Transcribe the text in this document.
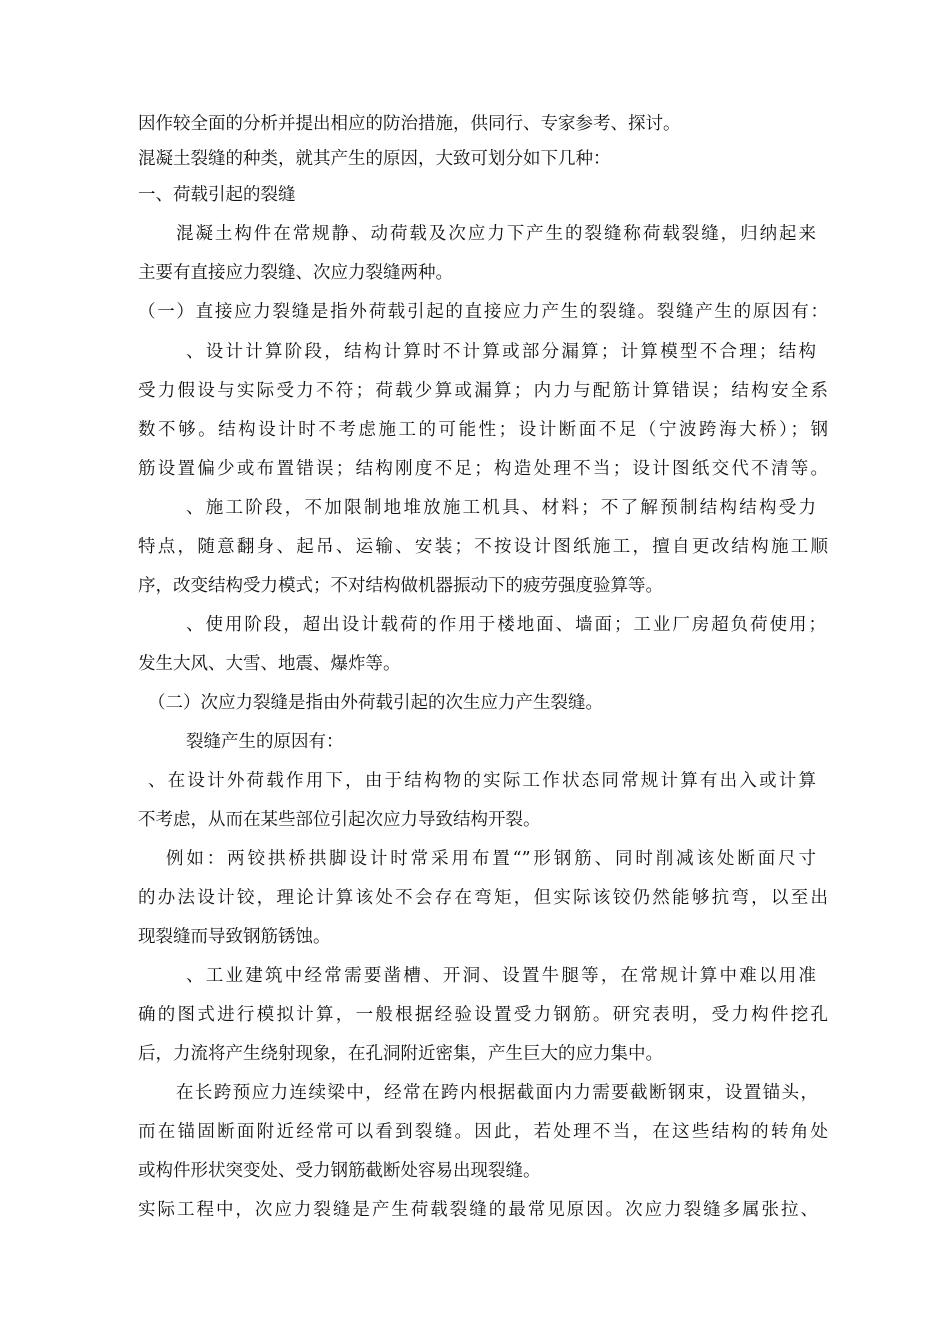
因作较全面的分析并提出相应的防治措施，供同行、专家参考、探讨。
混凝土裂缝的种类，就其产生的原因，大致可划分如下几种：
一、荷载引起的裂缝
混凝土构件在常规静、动荷载及次应力下产生的裂缝称荷载裂缝，归纳起来
主要有直接应力裂缝、次应力裂缝两种。
（一）直接应力裂缝是指外荷载引起的直接应力产生的裂缝。裂缝产生的原因有：
、设计计算阶段，结构计算时不计算或部分漏算；计算模型不合理；结构
受力假设与实际受力不符；荷载少算或漏算；内力与配筋计算错误；结构安全系
数不够。结构设计时不考虑施工的可能性；设计断面不足（宁波跨海大桥）；钢
筋设置偏少或布置错误；结构刚度不足；构造处理不当；设计图纸交代不清等。
、施工阶段，不加限制地堆放施工机具、材料；不了解预制结构结构受力
特点，随意翻身、起吊、运输、安装；不按设计图纸施工，擅自更改结构施工顺
序，改变结构受力模式；不对结构做机器振动下的疲劳强度验算等。
、使用阶段，超出设计载荷的作用于楼地面、墙面；工业厂房超负荷使用；
发生大风、大雪、地震、爆炸等。
（二）次应力裂缝是指由外荷载引起的次生应力产生裂缝。
裂缝产生的原因有：
、在设计外荷载作用下，由于结构物的实际工作状态同常规计算有出入或计算
不考虑，从而在某些部位引起次应力导致结构开裂。
例如：两铰拱桥拱脚设计时常采用布置“”形钢筋、同时削减该处断面尺寸
的办法设计铰，理论计算该处不会存在弯矩，但实际该铰仍然能够抗弯，以至出
现裂缝而导致钢筋锈蚀。
、工业建筑中经常需要凿槽、开洞、设置牛腿等，在常规计算中难以用准
确的图式进行模拟计算，一般根据经验设置受力钢筋。研究表明，受力构件挖孔
后，力流将产生绕射现象，在孔洞附近密集，产生巨大的应力集中。
在长跨预应力连续梁中，经常在跨内根据截面内力需要截断钢束，设置锚头，
而在锚固断面附近经常可以看到裂缝。因此，若处理不当，在这些结构的转角处
或构件形状突变处、受力钢筋截断处容易出现裂缝。
实际工程中，次应力裂缝是产生荷载裂缝的最常见原因。次应力裂缝多属张拉、
